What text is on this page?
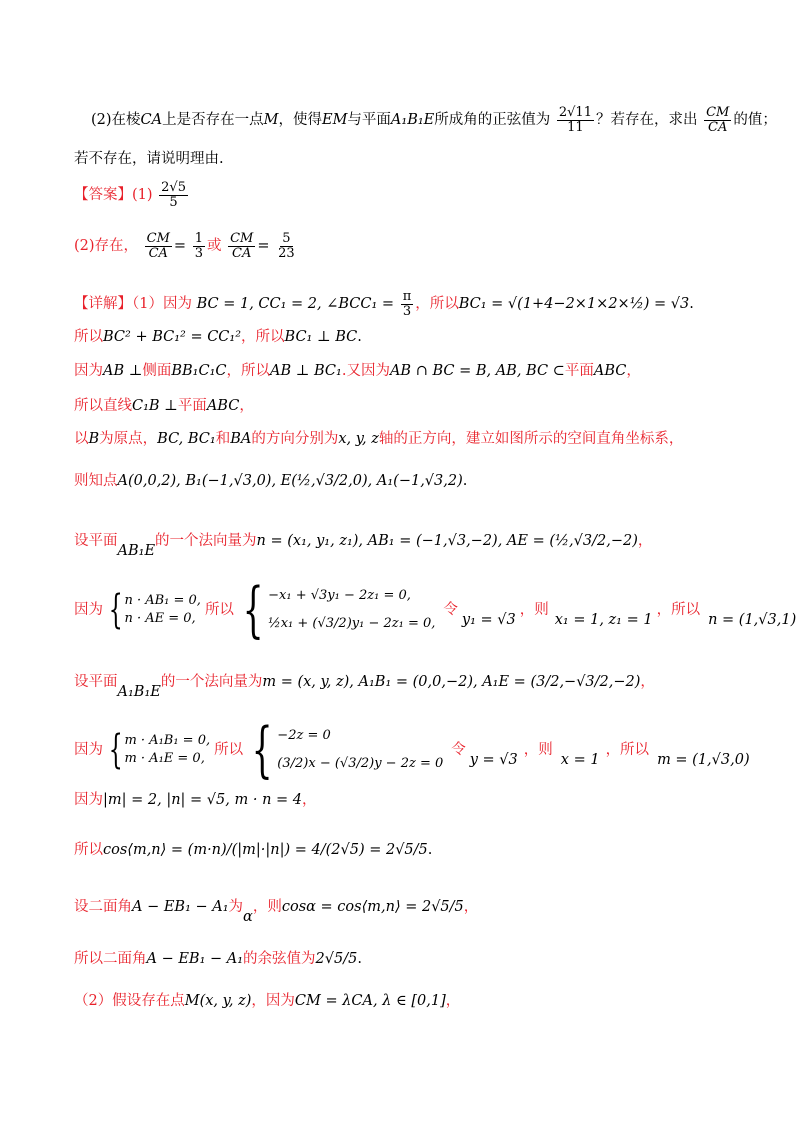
(2)在棱CA上是否存在一点M，使得EM与平面A₁B₁E所成角的正弦值为 $\frac{2√11}{11}$ ？若存在，求出 $\frac{CM}{CA}$ 的值；
若不存在，请说明理由.
【答案】$(1) \frac{2√5}{5}$
(2)存在， $\frac{CM}{CA} = \frac{1}{3}$ 或 $\frac{CM}{CA} = \frac{5}{23}$
【详解】（1）因为 BC = 1, CC₁ = 2, ∠BCC₁ = $\frac{\pi}{3}$ ，所以BC₁ = √(1+4−2×1×2×½) = √3.
所以BC² + BC₁² = CC₁²，所以BC₁ ⊥ BC.
因为AB ⊥侧面BB₁C₁C，所以AB ⊥ BC₁.又因为AB ∩ BC = B, AB, BC ⊂平面ABC，
所以直线C₁B ⊥平面ABC，
以B为原点，BC, BC₁和BA的方向分别为x, y, z轴的正方向，建立如图所示的空间直角坐标系，
则知点A(0,0,2), B₁(−1,√3,0), E(½,√3/2,0), A₁(−1,√3,2).
设平面AB₁E的一个法向量为n = (x₁, y₁, z₁), AB₁ = (−1,√3,−2), AE = (½,√3/2,−2)，
因为 { n · AB₁ = 0,
n · AE = 0,
所以 { −x₁ + √3y₁ − 2z₁ = 0,
½x₁ + (√3/2)y₁ − 2z₁ = 0,
令
y₁ = √3
，则
x₁ = 1, z₁ = 1
，所以
n = (1,√3,1)
设平面A₁B₁E的一个法向量为m = (x, y, z), A₁B₁ = (0,0,−2), A₁E = (3/2,−√3/2,−2)，
因为 { m · A₁B₁ = 0,
m · A₁E = 0,
所以 { −2z = 0
(3/2)x − (√3/2)y − 2z = 0
令
y = √3
，则
x = 1
，所以
m = (1,√3,0)
因为|m| = 2, |n| = √5, m · n = 4，
所以cos⟨m,n⟩ = (m·n)/(|m|·|n|) = 4/(2√5) = 2√5/5.
设二面角A − EB₁ − A₁为α，则cosα = cos⟨m,n⟩ = 2√5/5，
所以二面角A − EB₁ − A₁的余弦值为2√5/5.
（2）假设存在点M(x, y, z)，因为CM = λCA, λ ∈ [0,1]，
